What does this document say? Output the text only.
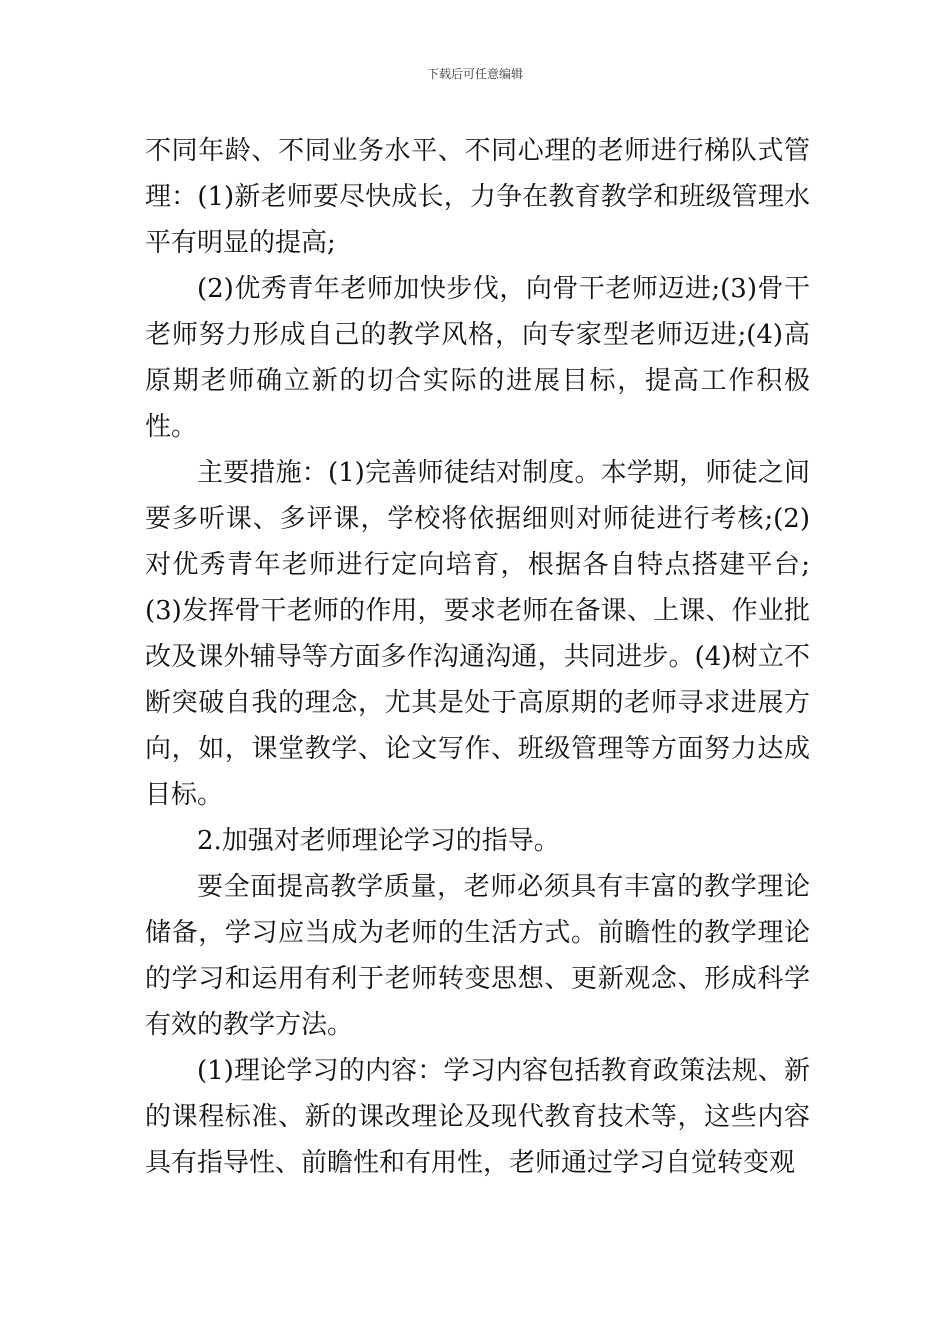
下载后可任意编辑

不同年龄、不同业务水平、不同心理的老师进行梯队式管理：(1)新老师要尽快成长，力争在教育教学和班级管理水平有明显的提高;

(2)优秀青年老师加快步伐，向骨干老师迈进;(3)骨干老师努力形成自己的教学风格，向专家型老师迈进;(4)高原期老师确立新的切合实际的进展目标，提高工作积极性。

主要措施：(1)完善师徒结对制度。本学期，师徒之间要多听课、多评课，学校将依据细则对师徒进行考核;(2)对优秀青年老师进行定向培育，根据各自特点搭建平台;(3)发挥骨干老师的作用，要求老师在备课、上课、作业批改及课外辅导等方面多作沟通沟通，共同进步。(4)树立不断突破自我的理念，尤其是处于高原期的老师寻求进展方向，如，课堂教学、论文写作、班级管理等方面努力达成目标。

2.加强对老师理论学习的指导。

要全面提高教学质量，老师必须具有丰富的教学理论储备，学习应当成为老师的生活方式。前瞻性的教学理论的学习和运用有利于老师转变思想、更新观念、形成科学有效的教学方法。

(1)理论学习的内容：学习内容包括教育政策法规、新的课程标准、新的课改理论及现代教育技术等，这些内容具有指导性、前瞻性和有用性，老师通过学习自觉转变观
